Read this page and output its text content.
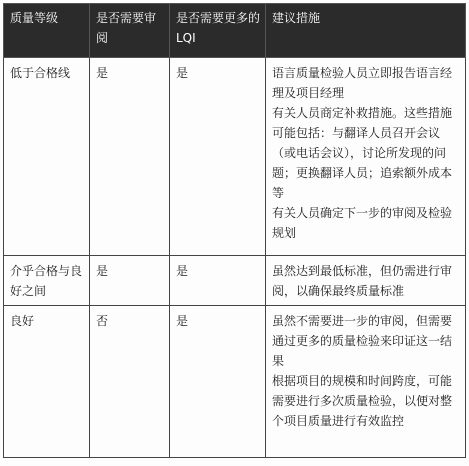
质量等级	是否需要审阅	是否需要更多的 LQI	建议措施
低于合格线	是	是	语言质量检验人员立即报告语言经理及项目经理
有关人员商定补救措施。这些措施可能包括：与翻译人员召开会议（或电话会议），讨论所发现的问题；更换翻译人员；追索额外成本等
有关人员确定下一步的审阅及检验规划

介乎合格与良好之间	是	是	虽然达到最低标准，但仍需进行审阅，以确保最终质量标准

良好	否	是	虽然不需要进一步的审阅，但需要通过更多的质量检验来印证这一结果
根据项目的规模和时间跨度，可能需要进行多次质量检验，以便对整个项目质量进行有效监控
